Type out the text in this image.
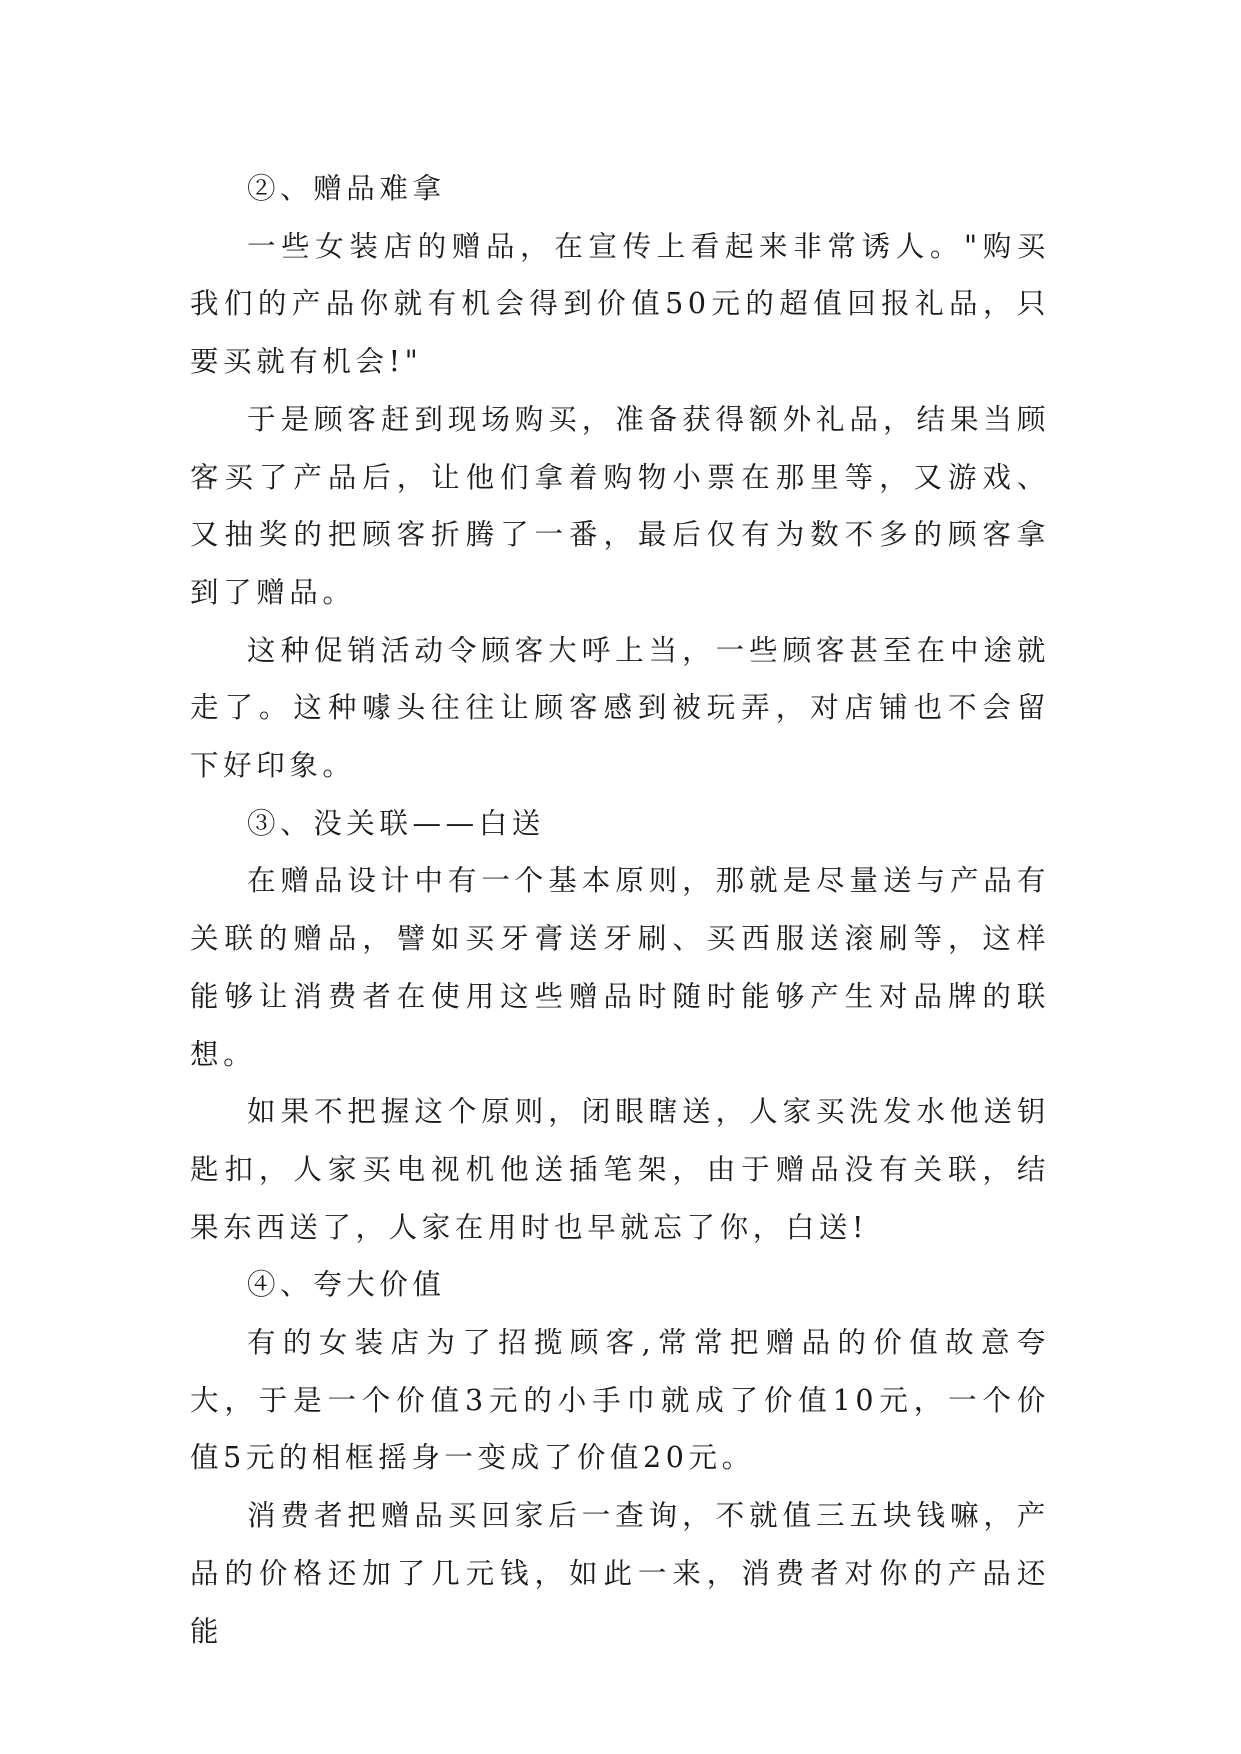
②、赠品难拿

一些女装店的赠品，在宣传上看起来非常诱人。"购买我们的产品你就有机会得到价值50元的超值回报礼品，只要买就有机会!"

于是顾客赶到现场购买，准备获得额外礼品，结果当顾客买了产品后，让他们拿着购物小票在那里等，又游戏、又抽奖的把顾客折腾了一番，最后仅有为数不多的顾客拿到了赠品。

这种促销活动令顾客大呼上当，一些顾客甚至在中途就走了。这种噱头往往让顾客感到被玩弄，对店铺也不会留下好印象。

③、没关联——白送

在赠品设计中有一个基本原则，那就是尽量送与产品有关联的赠品，譬如买牙膏送牙刷、买西服送滚刷等，这样能够让消费者在使用这些赠品时随时能够产生对品牌的联想。

如果不把握这个原则，闭眼瞎送，人家买洗发水他送钥匙扣，人家买电视机他送插笔架，由于赠品没有关联，结果东西送了，人家在用时也早就忘了你，白送!

④、夸大价值

有的女装店为了招揽顾客,常常把赠品的价值故意夸大，于是一个价值3元的小手巾就成了价值10元，一个价值5元的相框摇身一变成了价值20元。

消费者把赠品买回家后一查询，不就值三五块钱嘛，产品的价格还加了几元钱，如此一来，消费者对你的产品还能
